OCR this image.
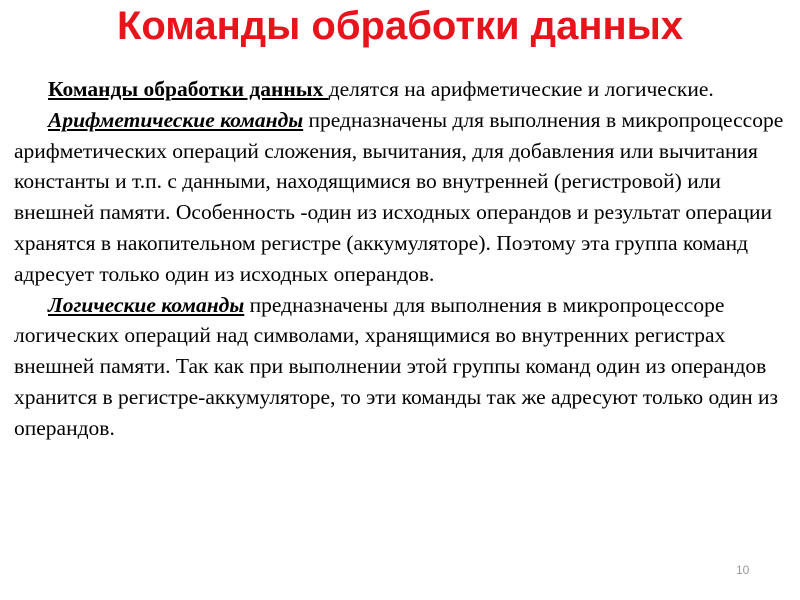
Команды обработки данных

Команды обработки данных делятся на арифметические и логические.

Арифметические команды предназначены для выполнения в микропроцессоре арифметических операций сложения, вычитания, для добавления или вычитания константы и т.п. с данными, находящимися во внутренней (регистровой) или внешней памяти. Особенность -один из исходных операндов и результат операции хранятся в накопительном регистре (аккумуляторе). Поэтому эта группа команд адресует только один из исходных операндов.

Логические команды предназначены для выполнения в микропроцессоре логических операций над символами, хранящимися во внутренних регистрах внешней памяти. Так как при выполнении этой группы команд один из операндов хранится в регистре-аккумуляторе, то эти команды так же адресуют только один из операндов.

10
